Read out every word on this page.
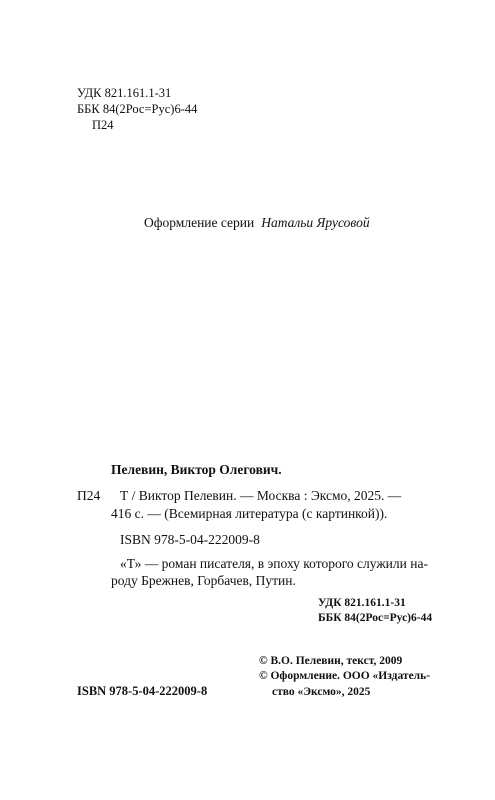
УДК 821.161.1-31
ББК 84(2Рос=Рус)6-44
П24
Оформление серии Натальи Ярусовой
Пелевин, Виктор Олегович.
П24 Т / Виктор Пелевин. — Москва : Эксмо, 2025. —
416 с. — (Всемирная литература (с картинкой)).
ISBN 978-5-04-222009-8
«Т» — роман писателя, в эпоху которого служили на-
роду Брежнев, Горбачев, Путин.
УДК 821.161.1-31
ББК 84(2Рос=Рус)6-44
© В.О. Пелевин, текст, 2009
© Оформление. ООО «Издатель-
ство «Эксмо», 2025
ISBN 978-5-04-222009-8
